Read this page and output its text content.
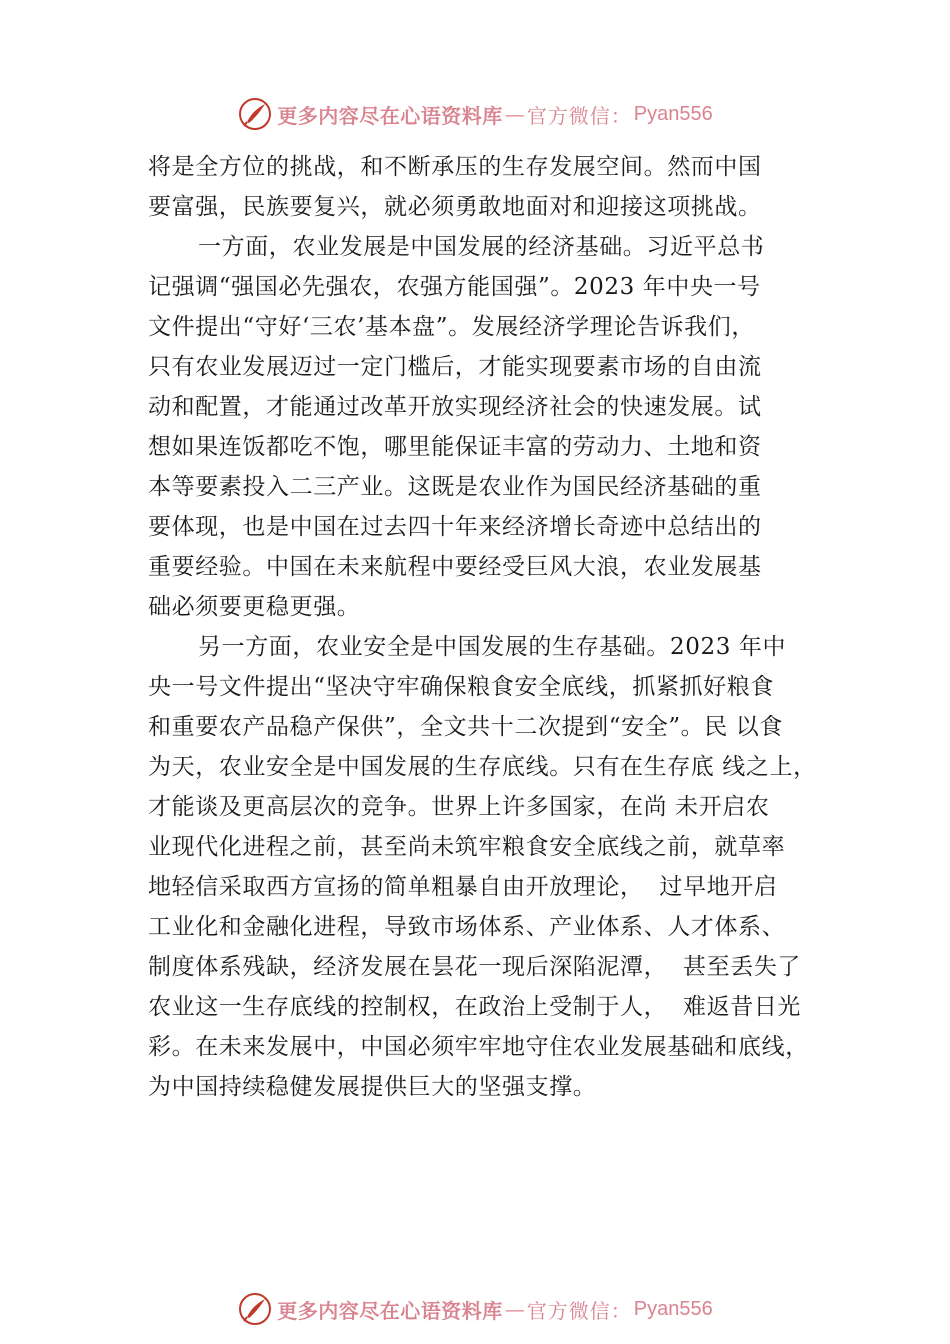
更多内容尽在心语资料库 — 官方微信： Pyan556
将是全方位的挑战，和不断承压的生存发展空间。然而中国
要富强，民族要复兴，就必须勇敢地面对和迎接这项挑战。
一方面，农业发展是中国发展的经济基础。习近平总书
记强调“强国必先强农，农强方能国强”。2023 年中央一号
文件提出“守好‘三农’基本盘”。发展经济学理论告诉我们，
只有农业发展迈过一定门槛后，才能实现要素市场的自由流
动和配置，才能通过改革开放实现经济社会的快速发展。试
想如果连饭都吃不饱，哪里能保证丰富的劳动力、土地和资
本等要素投入二三产业。这既是农业作为国民经济基础的重
要体现，也是中国在过去四十年来经济增长奇迹中总结出的
重要经验。中国在未来航程中要经受巨风大浪，农业发展基
础必须要更稳更强。
另一方面，农业安全是中国发展的生存基础。2023 年中
央一号文件提出“坚决守牢确保粮食安全底线，抓紧抓好粮食
和重要农产品稳产保供”，全文共十二次提到“安全”。民 以食
为天，农业安全是中国发展的生存底线。只有在生存底 线之上，
才能谈及更高层次的竞争。世界上许多国家，在尚 未开启农
业现代化进程之前，甚至尚未筑牢粮食安全底线之前，就草率
地轻信采取西方宣扬的简单粗暴自由开放理论，  过早地开启
工业化和金融化进程，导致市场体系、产业体系、人才体系、
制度体系残缺，经济发展在昙花一现后深陷泥潭，  甚至丢失了
农业这一生存底线的控制权，在政治上受制于人，  难返昔日光
彩。在未来发展中，中国必须牢牢地守住农业发展基础和底线，
为中国持续稳健发展提供巨大的坚强支撑。
更多内容尽在心语资料库 — 官方微信： Pyan556
